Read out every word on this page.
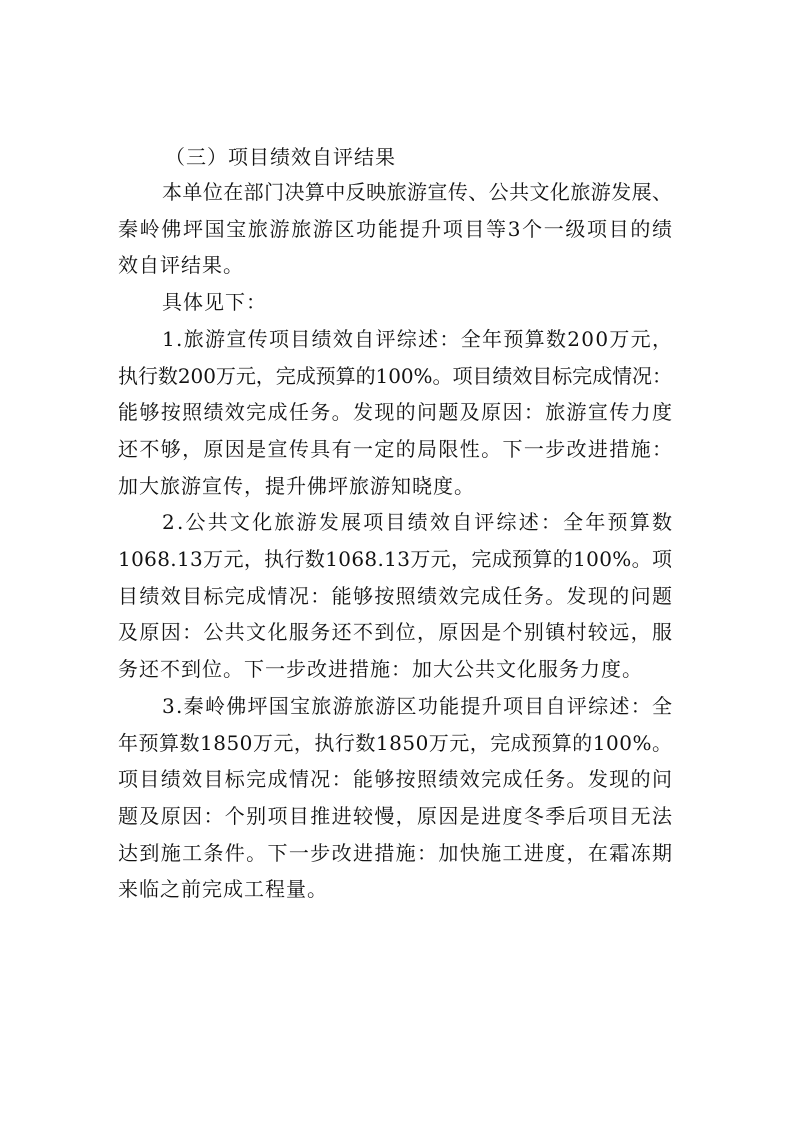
（三）项目绩效自评结果
本单位在部门决算中反映旅游宣传、公共文化旅游发展、
秦岭佛坪国宝旅游旅游区功能提升项目等3个一级项目的绩
效自评结果。
具体见下：
1.旅游宣传项目绩效自评综述：全年预算数200万元，
执行数200万元，完成预算的100%。项目绩效目标完成情况：
能够按照绩效完成任务。发现的问题及原因：旅游宣传力度
还不够，原因是宣传具有一定的局限性。下一步改进措施：
加大旅游宣传，提升佛坪旅游知晓度。
2.公共文化旅游发展项目绩效自评综述：全年预算数
1068.13万元，执行数1068.13万元，完成预算的100%。项
目绩效目标完成情况：能够按照绩效完成任务。发现的问题
及原因：公共文化服务还不到位，原因是个别镇村较远，服
务还不到位。下一步改进措施：加大公共文化服务力度。
3.秦岭佛坪国宝旅游旅游区功能提升项目自评综述：全
年预算数1850万元，执行数1850万元，完成预算的100%。
项目绩效目标完成情况：能够按照绩效完成任务。发现的问
题及原因：个别项目推进较慢，原因是进度冬季后项目无法
达到施工条件。下一步改进措施：加快施工进度，在霜冻期
来临之前完成工程量。
